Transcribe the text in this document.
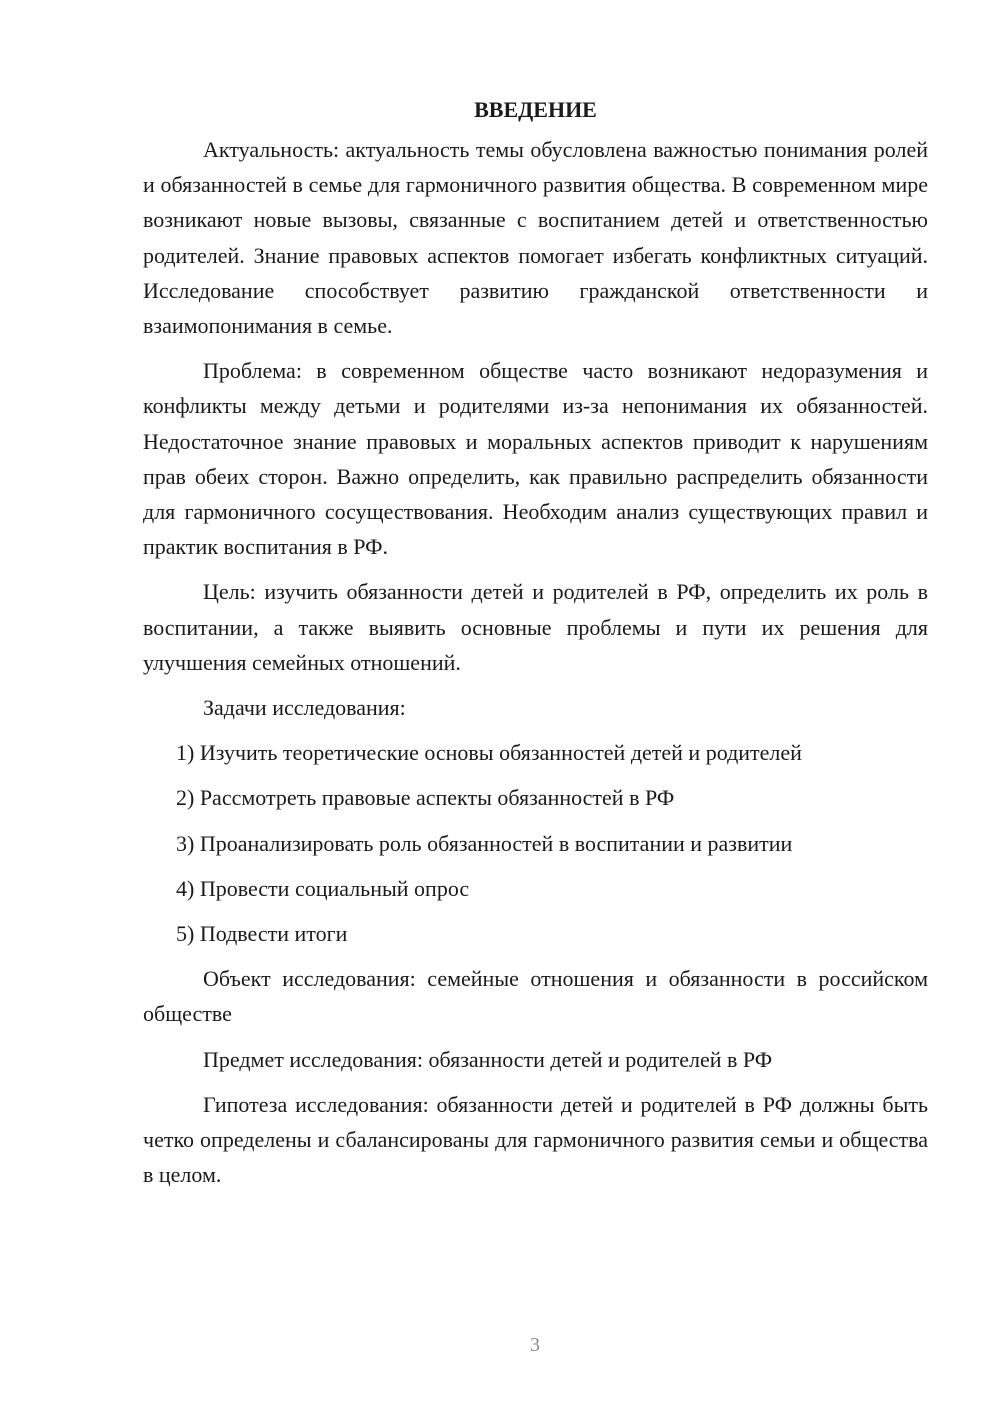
ВВЕДЕНИЕ

Актуальность: актуальность темы обусловлена важностью понимания ролей и обязанностей в семье для гармоничного развития общества. В современном мире возникают новые вызовы, связанные с воспитанием детей и ответственностью родителей. Знание правовых аспектов помогает избегать конфликтных ситуаций. Исследование способствует развитию гражданской ответственности и взаимопонимания в семье.

Проблема: в современном обществе часто возникают недоразумения и конфликты между детьми и родителями из-за непонимания их обязанностей. Недостаточное знание правовых и моральных аспектов приводит к нарушениям прав обеих сторон. Важно определить, как правильно распределить обязанности для гармоничного сосуществования. Необходим анализ существующих правил и практик воспитания в РФ.

Цель: изучить обязанности детей и родителей в РФ, определить их роль в воспитании, а также выявить основные проблемы и пути их решения для улучшения семейных отношений.

Задачи исследования:

1) Изучить теоретические основы обязанностей детей и родителей
2) Рассмотреть правовые аспекты обязанностей в РФ
3) Проанализировать роль обязанностей в воспитании и развитии
4) Провести социальный опрос
5) Подвести итоги

Объект исследования: семейные отношения и обязанности в российском обществе

Предмет исследования: обязанности детей и родителей в РФ

Гипотеза исследования: обязанности детей и родителей в РФ должны быть четко определены и сбалансированы для гармоничного развития семьи и общества в целом.

3
